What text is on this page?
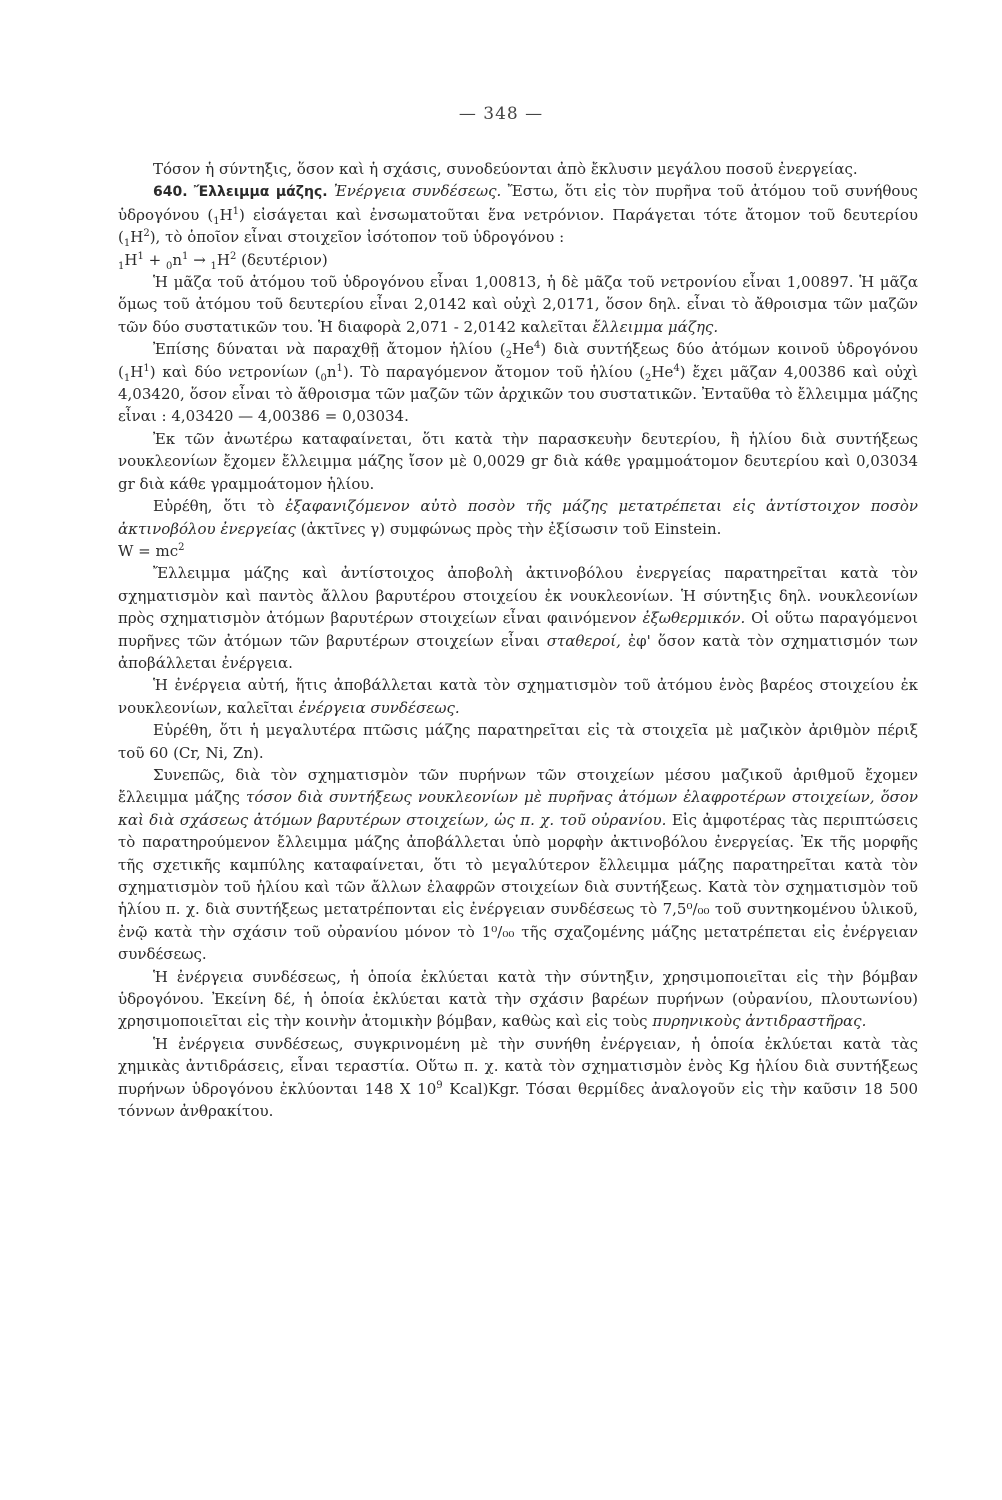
— 348 —

Τόσον ἡ σύντηξις, ὅσον καὶ ἡ σχάσις, συνοδεύονται ἀπὸ ἔκλυσιν μεγάλου ποσοῦ ἐνεργείας.

640. Ἔλλειμμα μάζης. Ἐνέργεια συνδέσεως. Ἔστω, ὅτι εἰς τὸν πυρῆνα τοῦ ἀτόμου τοῦ συνήθους ὑδρογόνου $(_1H^1)$ εἰσάγεται καὶ ἐνσωματοῦται ἕνα νετρόνιον. Παράγεται τότε ἄτομον τοῦ δευτερίου $(_1H^2)$, τὸ ὁποῖον εἶναι στοιχεῖον ἰσότοπον τοῦ ὑδρογόνου :

$_1H^1 + _0n^1 \to _1H^2$ (δευτέριον)

Ἡ μᾶζα τοῦ ἀτόμου τοῦ ὑδρογόνου εἶναι 1,00813, ἡ δὲ μᾶζα τοῦ νετρονίου εἶναι 1,00897. Ἡ μᾶζα ὅμως τοῦ ἀτόμου τοῦ δευτερίου εἶναι 2,0142 καὶ οὐχὶ 2,0171, ὅσον δηλ. εἶναι τὸ ἄθροισμα τῶν μαζῶν τῶν δύο συστατικῶν του. Ἡ διαφορὰ 2,071 - 2,0142 καλεῖται ἔλλειμμα μάζης.

Ἐπίσης δύναται νὰ παραχθῇ ἄτομον ἡλίου $(_2He^4)$ διὰ συντήξεως δύο ἀτόμων κοινοῦ ὑδρογόνου $(_1H^1)$ καὶ δύο νετρονίων $(_0n^1)$. Τὸ παραγόμενον ἄτομον τοῦ ἡλίου $(_2He^4)$ ἔχει μᾶζαν 4,00386 καὶ οὐχὶ 4,03420, ὅσον εἶναι τὸ ἄθροισμα τῶν μαζῶν τῶν ἀρχικῶν του συστατικῶν. Ἐνταῦθα τὸ ἔλλειμμα μάζης εἶναι : 4,03420 — 4,00386 = 0,03034.

Ἐκ τῶν ἀνωτέρω καταφαίνεται, ὅτι κατὰ τὴν παρασκευὴν δευτερίου, ἢ ἡλίου διὰ συντήξεως νουκλεονίων ἔχομεν ἔλλειμμα μάζης ἴσον μὲ 0,0029 gr διὰ κάθε γραμμοάτομον δευτερίου καὶ 0,03034 gr διὰ κάθε γραμμοάτομον ἡλίου.

Εὑρέθη, ὅτι τὸ ἐξαφανιζόμενον αὐτὸ ποσὸν τῆς μάζης μετατρέπεται εἰς ἀντίστοιχον ποσὸν ἀκτινοβόλου ἐνεργείας (ἀκτῖνες γ) συμφώνως πρὸς τὴν ἐξίσωσιν τοῦ Einstein.

$W = mc^2$

Ἔλλειμμα μάζης καὶ ἀντίστοιχος ἀποβολὴ ἀκτινοβόλου ἐνεργείας παρατηρεῖται κατὰ τὸν σχηματισμὸν καὶ παντὸς ἄλλου βαρυτέρου στοιχείου ἐκ νουκλεονίων. Ἡ σύντηξις δηλ. νουκλεονίων πρὸς σχηματισμὸν ἀτόμων βαρυτέρων στοιχείων εἶναι φαινόμενον ἐξωθερμικόν. Οἱ οὕτω παραγόμενοι πυρῆνες τῶν ἀτόμων τῶν βαρυτέρων στοιχείων εἶναι σταθεροί, ἐφ' ὅσον κατὰ τὸν σχηματισμόν των ἀποβάλλεται ἐνέργεια.

Ἡ ἐνέργεια αὐτή, ἥτις ἀποβάλλεται κατὰ τὸν σχηματισμὸν τοῦ ἀτόμου ἑνὸς βαρέος στοιχείου ἐκ νουκλεονίων, καλεῖται ἐνέργεια συνδέσεως.

Εὑρέθη, ὅτι ἡ μεγαλυτέρα πτῶσις μάζης παρατηρεῖται εἰς τὰ στοιχεῖα μὲ μαζικὸν ἀριθμὸν πέριξ τοῦ 60 (Cr, Ni, Zn).

Συνεπῶς, διὰ τὸν σχηματισμὸν τῶν πυρήνων τῶν στοιχείων μέσου μαζικοῦ ἀριθμοῦ ἔχομεν ἔλλειμμα μάζης τόσον διὰ συντήξεως νουκλεονίων μὲ πυρῆνας ἀτόμων ἐλαφροτέρων στοιχείων, ὅσον καὶ διὰ σχάσεως ἀτόμων βαρυτέρων στοιχείων, ὡς π. χ. τοῦ οὐρανίου. Εἰς ἀμφοτέρας τὰς περιπτώσεις τὸ παρατηρούμενον ἔλλειμμα μάζης ἀποβάλλεται ὑπὸ μορφὴν ἀκτινοβόλου ἐνεργείας. Ἐκ τῆς μορφῆς τῆς σχετικῆς καμπύλης καταφαίνεται, ὅτι τὸ μεγαλύτερον ἔλλειμμα μάζης παρατηρεῖται κατὰ τὸν σχηματισμὸν τοῦ ἡλίου καὶ τῶν ἄλλων ἐλαφρῶν στοιχείων διὰ συντήξεως. Κατὰ τὸν σχηματισμὸν τοῦ ἡλίου π. χ. διὰ συντήξεως μετατρέπονται εἰς ἐνέργειαν συνδέσεως τὸ 7,5⁰/₀₀ τοῦ συντηκομένου ὑλικοῦ, ἐνῷ κατὰ τὴν σχάσιν τοῦ οὐρανίου μόνον τὸ 1⁰/₀₀ τῆς σχαζομένης μάζης μετατρέπεται εἰς ἐνέργειαν συνδέσεως.

Ἡ ἐνέργεια συνδέσεως, ἡ ὁποία ἐκλύεται κατὰ τὴν σύντηξιν, χρησιμοποιεῖται εἰς τὴν βόμβαν ὑδρογόνου. Ἐκείνη δέ, ἡ ὁποία ἐκλύεται κατὰ τὴν σχάσιν βαρέων πυρήνων (οὐρανίου, πλουτωνίου) χρησιμοποιεῖται εἰς τὴν κοινὴν ἀτομικὴν βόμβαν, καθὼς καὶ εἰς τοὺς πυρηνικοὺς ἀντιδραστῆρας.

Ἡ ἐνέργεια συνδέσεως, συγκρινομένη μὲ τὴν συνήθη ἐνέργειαν, ἡ ὁποία ἐκλύεται κατὰ τὰς χημικὰς ἀντιδράσεις, εἶναι τεραστία. Οὕτω π. χ. κατὰ τὸν σχηματισμὸν ἑνὸς Kg ἡλίου διὰ συντήξεως πυρήνων ὑδρογόνου ἐκλύονται 148 Χ $10^9$ Kcal)Kgr. Τόσαι θερμίδες ἀναλογοῦν εἰς τὴν καῦσιν 18 500 τόννων ἀνθρακίτου.
